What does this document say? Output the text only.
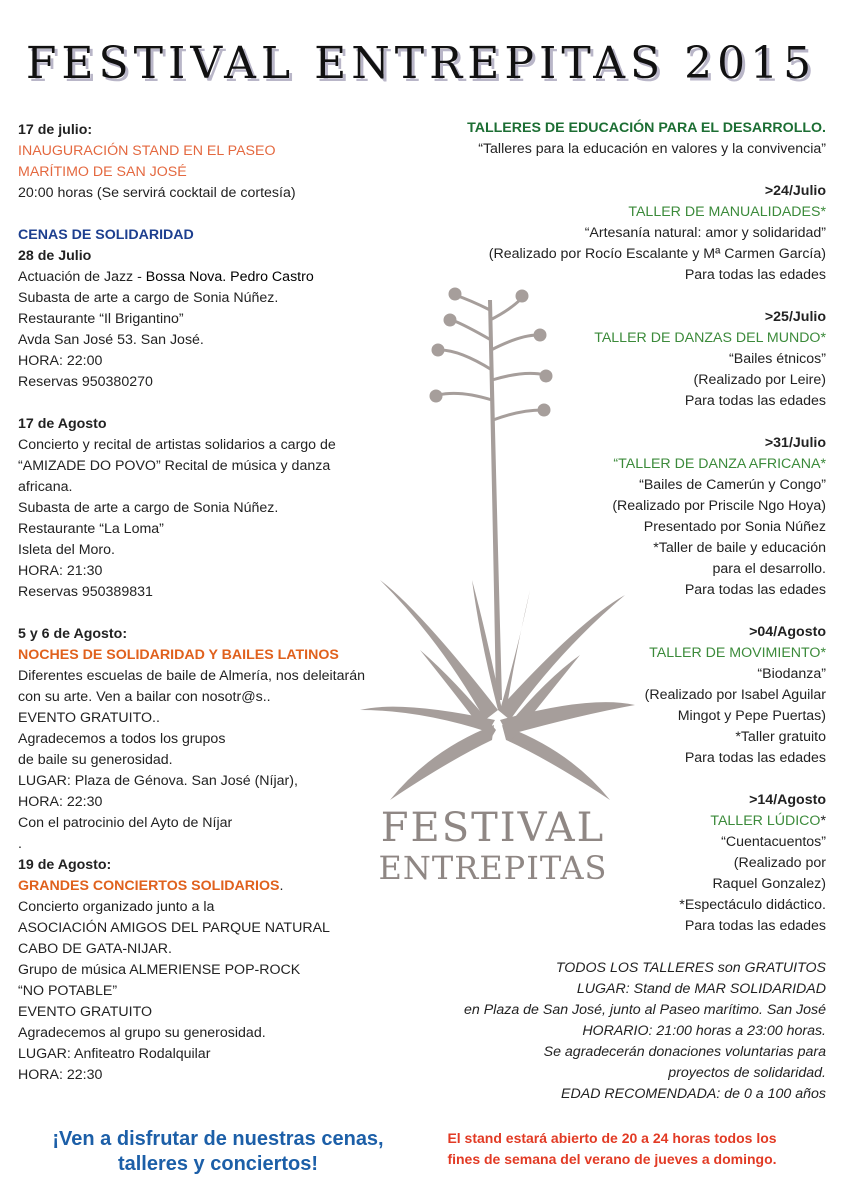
FESTIVAL ENTREPITAS 2015
17 de julio:
INAUGURACIÓN STAND EN EL PASEO
MARÍTIMO DE SAN JOSÉ
20:00 horas (Se servirá cocktail de cortesía)
CENAS DE SOLIDARIDAD
28 de Julio
Actuación de Jazz - Bossa Nova. Pedro Castro
Subasta de arte a cargo de Sonia Núñez.
Restaurante “Il Brigantino”
Avda San José 53. San José.
HORA: 22:00
Reservas 950380270
17 de Agosto
Concierto y recital de artistas solidarios a cargo de
“AMIZADE DO POVO” Recital de música y danza
africana.
Subasta de arte a cargo de Sonia Núñez.
Restaurante “La Loma”
Isleta del Moro.
HORA: 21:30
Reservas 950389831
5 y 6 de Agosto:
NOCHES DE SOLIDARIDAD Y BAILES LATINOS
Diferentes escuelas de baile de Almería, nos deleitarán
con su arte. Ven a bailar con nosotr@s..
EVENTO GRATUITO..
Agradecemos a todos los grupos
de baile su generosidad.
LUGAR: Plaza de Génova. San José (Níjar),
HORA: 22:30
Con el patrocinio del Ayto de Níjar
.
19 de Agosto:
GRANDES CONCIERTOS SOLIDARIOS.
Concierto organizado junto a la
ASOCIACIÓN AMIGOS DEL PARQUE NATURAL
CABO DE GATA-NIJAR.
Grupo de música ALMERIENSE POP-ROCK
“NO POTABLE”
EVENTO GRATUITO
Agradecemos al grupo su generosidad.
LUGAR: Anfiteatro Rodalquilar
HORA: 22:30
TALLERES DE EDUCACIÓN PARA EL DESARROLLO.
“Talleres para la educación en valores y la convivencia”
>24/Julio
TALLER DE MANUALIDADES*
“Artesanía natural: amor y solidaridad”
(Realizado por Rocío Escalante y Mª Carmen García)
Para todas las edades
>25/Julio
TALLER DE DANZAS DEL MUNDO*
“Bailes étnicos”
(Realizado por Leire)
Para todas las edades
>31/Julio
“TALLER DE DANZA AFRICANA*
“Bailes de Camerún y Congo”
(Realizado por Priscile Ngo Hoya)
Presentado por Sonia Núñez
*Taller de baile y educación
para el desarrollo.
Para todas las edades
>04/Agosto
TALLER DE MOVIMIENTO*
“Biodanza”
(Realizado por Isabel Aguilar
Mingot y Pepe Puertas)
*Taller gratuito
Para todas las edades
>14/Agosto
TALLER LÚDICO*
“Cuentacuentos”
(Realizado por
Raquel Gonzalez)
*Espectáculo didáctico.
Para todas las edades
TODOS LOS TALLERES son GRATUITOS
LUGAR: Stand de MAR SOLIDARIDAD
en Plaza de San José, junto al Paseo marítimo. San José
HORARIO: 21:00 horas a 23:00 horas.
Se agradecerán donaciones voluntarias para
proyectos de solidaridad.
EDAD RECOMENDADA: de 0 a 100 años
FESTIVAL
ENTREPITAS
¡Ven a disfrutar de nuestras cenas,
talleres y conciertos!
El stand estará abierto de 20 a 24 horas todos los
fines de semana del verano de jueves a domingo.
